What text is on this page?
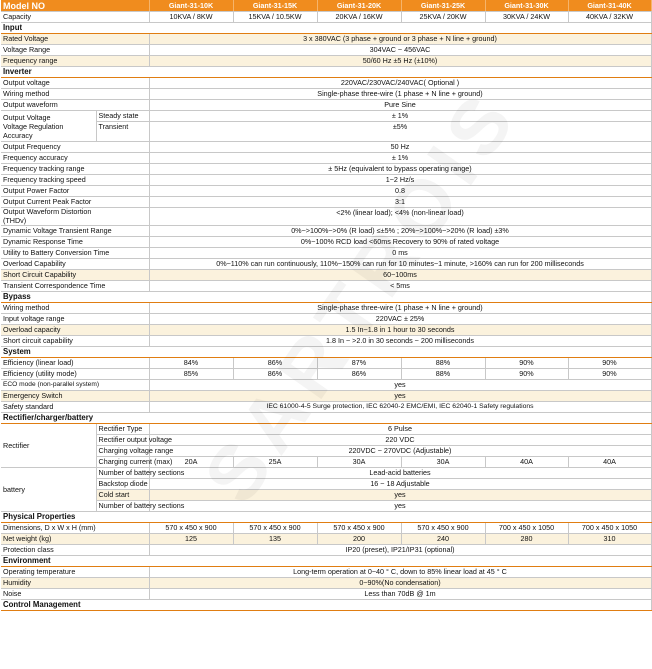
Model NO		Giant-31-10K	Giant-31-15K	Giant-31-20K	Giant-31-25K	Giant-31-30K	Giant-31-40K
Capacity		10KVA / 8KW	15KVA / 10.5KW	20KVA / 16KW	25KVA / 20KW	30KVA / 24KW	40KVA / 32KW
Input							
Rated Voltage		3 x 380VAC (3 phase + ground or 3 phase + N line + ground)					
Voltage Range		304VAC ~ 456VAC					
Frequency range		50/60 Hz ±5 Hz (±10%)					
Inverter							
Output voltage		220VAC/230VAC/240VAC( Optional )					
Wiring method		Single-phase three-wire (1 phase + N line + ground)					
Output waveform		Pure Sine					

Output Voltage
Voltage Regulation
Accuracy	Steady state	± 1%					
	Transient	±5%					
Output Frequency		50 Hz					
Frequency accuracy		± 1%					
Frequency tracking range		± 5Hz (equivalent to bypass operating range)					
Frequency tracking speed		1~2 Hz/s					
Output Power Factor		0.8					
Output Current Peak Factor		3:1					

Output Waveform Distortion
(THDv)		<2% (linear load); <4% (non-linear load)					
Dynamic Voltage Transient Range		0%~>100%~>0% (R load) ≤±5% ; 20%~>100%~>20% (R load) ±3%					
Dynamic Response Time		0%~100% RCD load <60ms Recovery to 90% of rated voltage					
Utility to Battery Conversion Time		0 ms					
Overload Capability		0%~110% can run continuously, 110%~150% can run for 10 minutes~1 minute, >160% can run for 200 milliseconds					
Short Circuit Capability		60~100ms					
Transient Correspondence Time		< 5ms					
Bypass							
Wiring method		Single-phase three-wire (1 phase + N line + ground)					
Input voltage range		220VAC ± 25%					
Overload capacity		1.5 In~1.8 in 1 hour to 30 seconds					
Short circuit capability		1.8 In ~ >2.0 in 30 seconds ~ 200 milliseconds					
System							
Efficiency (linear load)		84%	86%	87%	88%	90%	90%
Efficiency (utility mode)		85%	86%	86%	88%	90%	90%
ECO mode (non-parallel system)		yes					
Emergency Switch		yes					
Safety standard		IEC 61000-4-5 Surge protection, IEC 62040-2 EMC/EMI, IEC 62040-1 Safety regulations					
Rectifier/charger/battery							
Rectifier	Rectifier Type	6 Pulse					
	Rectifier output voltage	220 VDC					
	Charging voltage range	220VDC ~ 270VDC (Adjustable)					
	Charging current (max)	20A	25A	30A	30A	40A	40A
battery	Number of battery sections	Lead-acid batteries					
	Backstop diode	16 ~ 18 Adjustable					
	Cold start	yes					
	Number of battery sections	yes					
Physical Properties							
Dimensions, D x W x H (mm)		570 x 450 x 900	570 x 450 x 900	570 x 450 x 900	570 x 450 x 900	700 x 450 x 1050	700 x 450 x 1050
Net weight (kg)		125	135	200	240	280	310
Protection class		IP20 (preset), IP21/IP31 (optional)					
Environment							
Operating temperature		Long-term operation at 0~40 ° C, down to 85% linear load at 45 ° C					
Humidity		0~90%(No condensation)					
Noise		Less than 70dB @ 1m					
Control Management							
